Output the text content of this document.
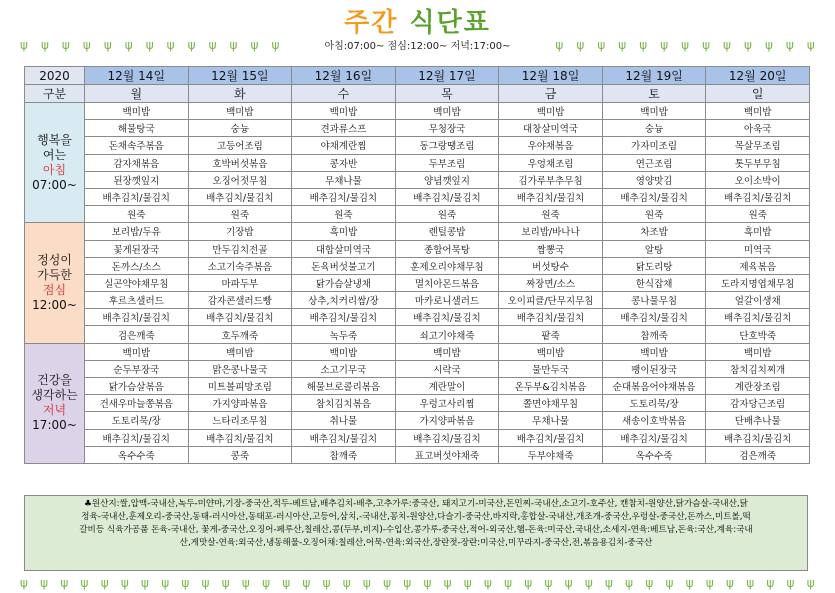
주간 식단표
ψ ψ ψ ψ ψ ψ ψ ψ ψ ψ ψ ψ ψ	ψ ψ ψ ψ ψ ψ ψ ψ ψ ψ ψ ψ ψ
아침:07:00~ 점심:12:00~ 저녁:17:00~
2020	12월 14일	12월 15일	12월 16일	12월 17일	12월 18일	12월 19일	12월 20일
구분	월	화	수	목	금	토	일

행복을
여는
아침
07:00~	백미밥	백미밥	백미밥	백미밥	백미밥	백미밥	백미밥
	해물탕국	숭늉	견과류스프	무청장국	대창살미역국	숭늉	아욱국
	돈채속주볶음	고등어조림	야채계란찜	동그랑땡조림	우야채볶음	가자미조림	목살무조림
	감자채볶음	호박버섯볶음	콩자반	두부조림	우엉채조림	연근조림	톳두부무침
	된장깻잎지	오징어젓무침	무채나물	양념깻잎지	김가루부추무침	영양맛김	오이소박이
	배추김치/물김치	배추김치/물김치	배추김치/물김치	배추김치/물김치	배추김치/물김치	배추김치/물김치	배추김치/물김치
	원죽	원죽	원죽	원죽	원죽	원죽	원죽

정성이
가득한
점심
12:00~	보리밥/두유	기장밥	흑미밥	렌틸콩밥	보리밥/바나나	차조밥	흑미밥
	꽃게된장국	만두김치전골	대합살미역국	종합어묵탕	짬뽕국	알탕	미역국
	돈까스/소스	소고기숙주볶음	돈육버섯불고기	훈제오리야채무침	버섯탕수	닭도리탕	제육볶음
	실곤약야채무침	마파두부	닭가슴살냉채	멸치아몬드볶음	짜장면/소스	한식잡채	도라지명엽채무침
	후르츠샐러드	감자콘샐러드빵	상추,치커리쌈/장	마카로니샐러드	오이피클/단무지무침	콩나물무침	얼갈이생채
	배추김치/물김치	배추김치/물김치	배추김치/물김치	배추김치/물김치	배추김치/물김치	배추김치/물김치	배추김치/물김치
	검은깨죽	호두깨죽	녹두죽	쇠고기야채죽	팥죽	참깨죽	단호박죽

건강을
생각하는
저녁
17:00~	백미밥	백미밥	백미밥	백미밥	백미밥	백미밥	백미밥
	순두부장국	맑은콩나물국	소고기무국	시락국	물만두국	팽이된장국	참치김치찌개
	닭가슴살볶음	미트볼피망조림	해물브로콜리볶음	계란말이	온두부&김치볶음	순대볶음어야채볶음	계란장조림
	건새우마늘쫑볶음	가지양파볶음	참치김치볶음	우렁고사리찜	쫄면야채무침	도토리묵/장	감자당근조림
	도토리묵/장	느타리조무침	취나물	가지양파볶음	무채나물	새송이호박볶음	단배추나물
	배추김치/물김치	배추김치/물김치	배추김치/물김치	배추김치/물김치	배추김치/물김치	배추김치/물김치	배추김치/물김치
	옥수수죽	콩죽	참깨죽	표고버섯야채죽	두부야채죽	옥수수죽	검은깨죽
♣원산지:쌀,압맥-국내산,녹두-미얀마,기장-중국산,적두-베트남,배추김치-배추,고추가루:중국산, 돼지고기-미국산,돈민찌-국내산,소고기-호주산, 캔참치-원양산,닭가슴살-국내산,닭
정육-국내산,훈제오리-중국산,동태-러시아산,동태포-러시아산,고등어,삼치,-국내산,꽁치-원양산,다슬기-중국산,바지락,홍합살-국내산,개조개-중국산,우렁살-중국산,돈까스,미트볼,떡
갈비등 식육가공품 돈육-국내산, 꽃게-중국산,오징어-페루산,칠레산,콩(두부,비지)-수입산,콩가루-중국산,적어-외국산,햄-돈육:미국산,국내산,소세지-연육:베트남,돈육:국산,계육:국내
산,게맛살-연육:외국산,냉동해물-오징어채:칠레산,어묵-연육:외국산,장란젓-장란:미국산,미꾸라지-중국산,전,볶음용김치-중국산
ψ ψ ψ ψ ψ ψ ψ ψ ψ ψ ψ ψ ψ ψ ψ ψ ψ ψ ψ ψ ψ ψ ψ ψ ψ ψ ψ ψ ψ ψ ψ ψ ψ ψ ψ ψ ψ ψ ψ ψ
